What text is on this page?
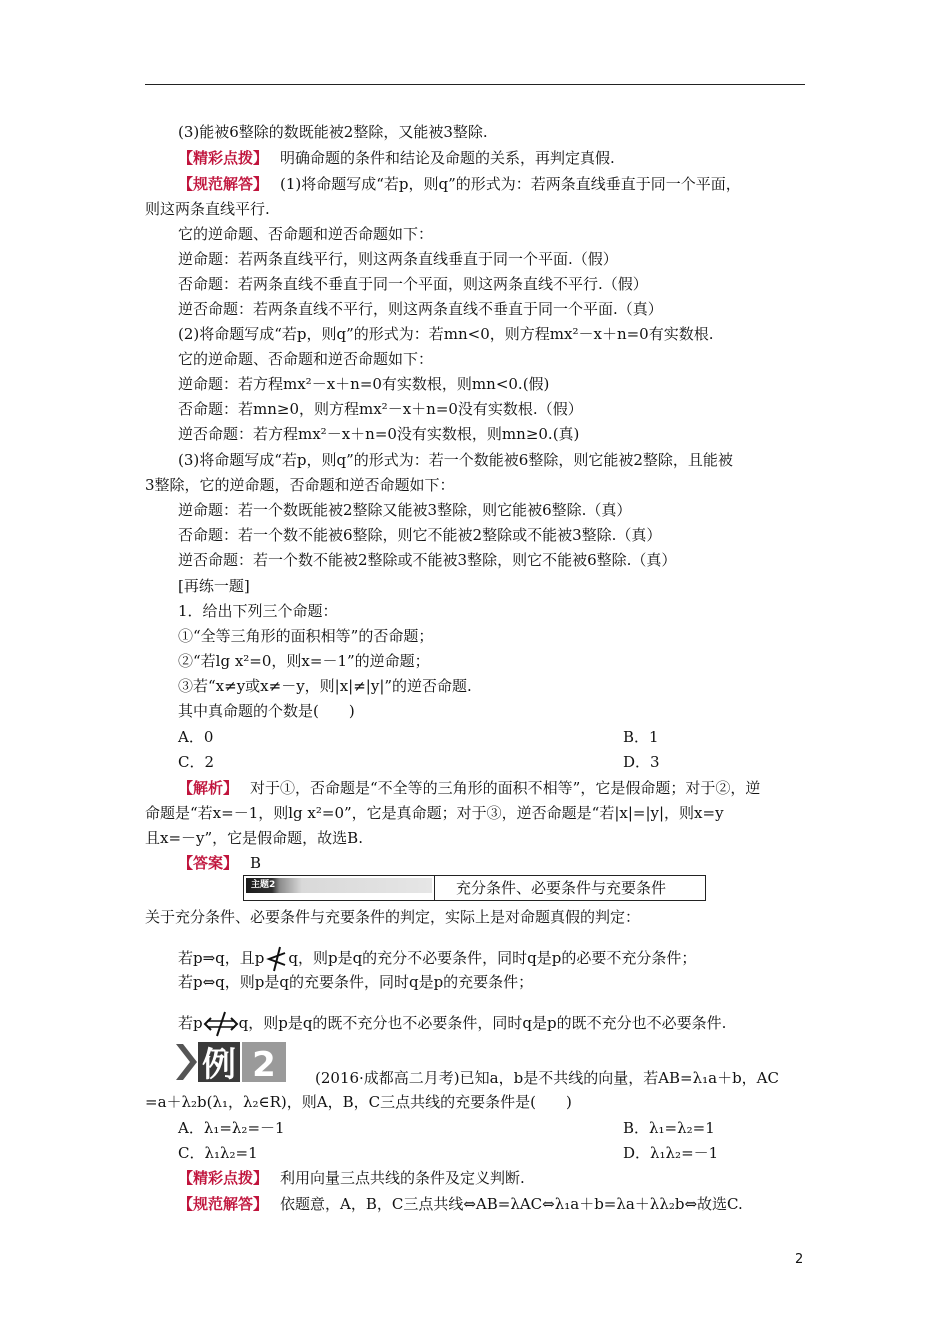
(3)能被6整除的数既能被2整除，又能被3整除.
【精彩点拨】 明确命题的条件和结论及命题的关系，再判定真假.
【规范解答】 (1)将命题写成“若p，则q”的形式为：若两条直线垂直于同一个平面，
则这两条直线平行.
它的逆命题、否命题和逆否命题如下：
逆命题：若两条直线平行，则这两条直线垂直于同一个平面.（假）
否命题：若两条直线不垂直于同一个平面，则这两条直线不平行.（假）
逆否命题：若两条直线不平行，则这两条直线不垂直于同一个平面.（真）
(2)将命题写成“若p，则q”的形式为：若mn<0，则方程mx²－x＋n=0有实数根.
它的逆命题、否命题和逆否命题如下：
逆命题：若方程mx²－x＋n=0有实数根，则mn<0.(假)
否命题：若mn≥0，则方程mx²－x＋n=0没有实数根.（假）
逆否命题：若方程mx²－x＋n=0没有实数根，则mn≥0.(真)
(3)将命题写成“若p，则q”的形式为：若一个数能被6整除，则它能被2整除，且能被
3整除，它的逆命题，否命题和逆否命题如下：
逆命题：若一个数既能被2整除又能被3整除，则它能被6整除.（真）
否命题：若一个数不能被6整除，则它不能被2整除或不能被3整除.（真）
逆否命题：若一个数不能被2整除或不能被3整除，则它不能被6整除.（真）
[再练一题]
1．给出下列三个命题：
①“全等三角形的面积相等”的否命题；
②“若lg x²=0，则x=－1”的逆命题；
③若“x≠y或x≠－y，则|x|≠|y|”的逆否命题.
其中真命题的个数是(　　)
A．0	B．1
C．2	D．3
【解析】 对于①，否命题是“不全等的三角形的面积不相等”，它是假命题；对于②，逆
命题是“若x=－1，则lg x²=0”，它是真命题；对于③，逆否命题是“若|x|=|y|，则x=y
且x=－y”，它是假命题，故选B.
【答案】 B
主题2	充分条件、必要条件与充要条件
关于充分条件、必要条件与充要条件的判定，实际上是对命题真假的判定：
若p⇒q，且p q，则p是q的充分不必要条件，同时q是p的必要不充分条件；
若p⇔q，则p是q的充要条件，同时q是p的充要条件；
若p q，则p是q的既不充分也不必要条件，同时q是p的既不充分也不必要条件.
例 2	(2016·成都高二月考)已知a，b是不共线的向量，若AB=λ₁a＋b，AC
=a＋λ₂b(λ₁，λ₂∈R)，则A，B，C三点共线的充要条件是(　　)
A．λ₁=λ₂=－1	B．λ₁=λ₂=1
C．λ₁λ₂=1	D．λ₁λ₂=－1
【精彩点拨】 利用向量三点共线的条件及定义判断.
【规范解答】 依题意，A，B，C三点共线⇔AB=λAC⇔λ₁a＋b=λa＋λλ₂b⇔故选C.
2
